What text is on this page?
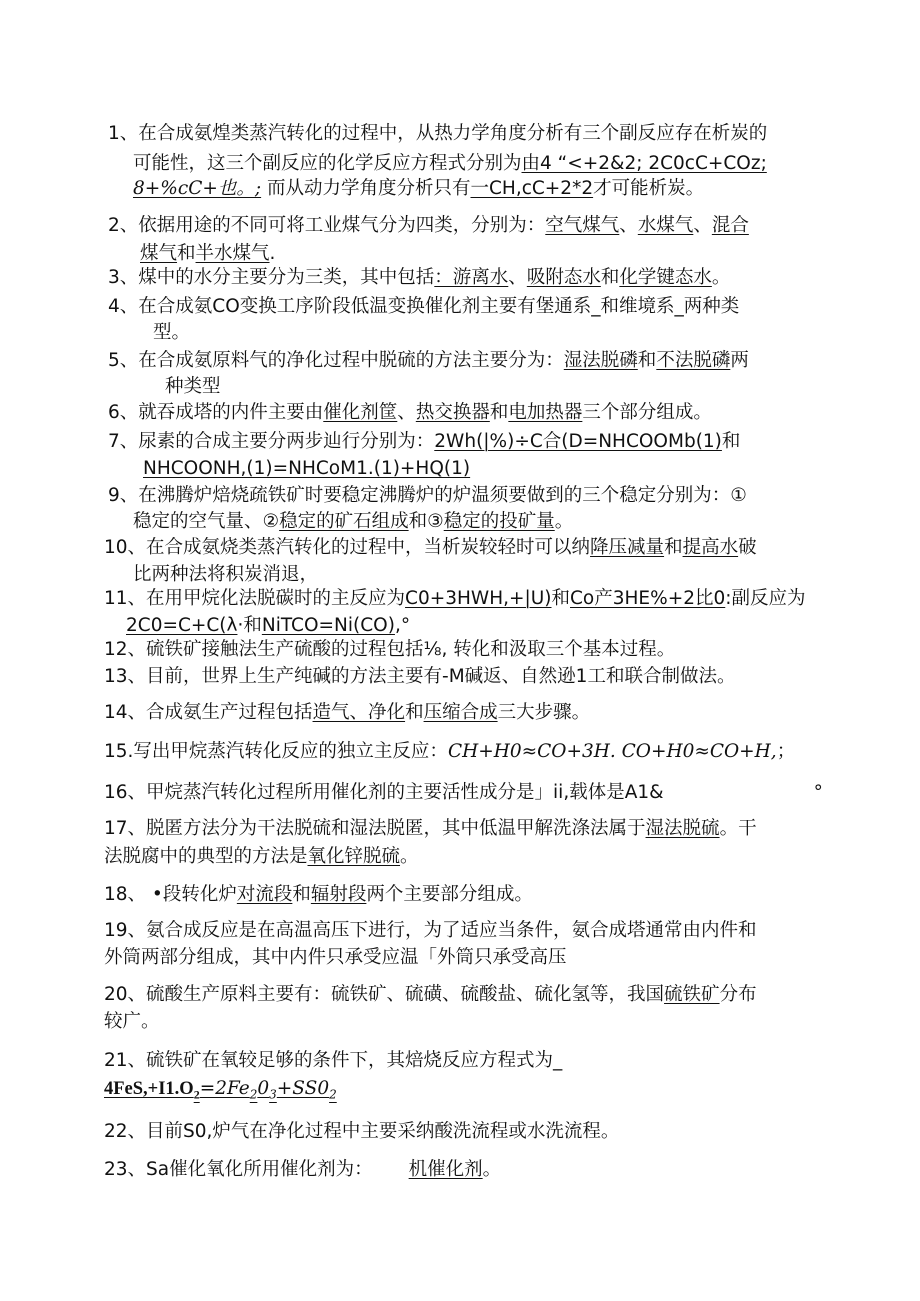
1、在合成氨煌类蒸汽转化的过程中，从热力学角度分析有三个副反应存在析炭的
可能性，这三个副反应的化学反应方程式分别为由4 “<+2&2; 2C0cC+COz;
8+%cC+也。; 而从动力学角度分析只有一CH,cC+2*2才可能析炭。
2、依据用途的不同可将工业煤气分为四类，分别为：空气煤气、水煤气、混合
煤气和半水煤气.
3、煤中的水分主要分为三类，其中包括：游离水、吸附态水和化学键态水。
4、在合成氨CO变换工序阶段低温变换催化剂主要有堡通系_和维境系_两种类
型。
5、在合成氨原料气的净化过程中脱硫的方法主要分为：湿法脱磷和不法脱磷两
种类型
6、就吞成塔的内件主要由催化剂筐、热交换器和电加热器三个部分组成。
7、尿素的合成主要分两步辿行分别为：2Wh(|%)÷C合(D=NHCOOMb(1)和
NHCOONH,(1)=NHCoM1.(1)+HQ(1)
9、在沸腾炉焙烧疏铁矿时要稳定沸腾炉的炉温须要做到的三个稳定分别为：①
稳定的空气量、②稳定的矿石组成和③稳定的投矿量。
10、在合成氨烧类蒸汽转化的过程中，当析炭较轻时可以纳降压减量和提高水破
比两种法将积炭消退，
11、在用甲烷化法脱碳时的主反应为C0+3HWH,+|U)和Co产3HE%+2比0:副反应为
2C0=C+C(λ·和NiTCO=Ni(CO),°
12、硫铁矿接触法生产硫酸的过程包括⅛, 转化和汲取三个基本过程。
13、目前，世界上生产纯碱的方法主要有-M碱返、自然逊1工和联合制做法。
14、合成氨生产过程包括造气、净化和压缩合成三大步骤。
15.写出甲烷蒸汽转化反应的独立主反应：CH+H0≈CO+3H. CO+H0≈CO+H,；
16、甲烷蒸汽转化过程所用催化剂的主要活性成分是」ii,载体是A1&	°
17、脱匿方法分为干法脱硫和湿法脱匿，其中低温甲解洗涤法属于湿法脱硫。干
法脱腐中的典型的方法是氧化锌脱硫。
18、 •段转化炉对流段和辐射段两个主要部分组成。
19、氨合成反应是在高温高压下进行，为了适应当条件，氨合成塔通常由内件和
外筒两部分组成，其中内件只承受应温「外筒只承受高压
20、硫酸生产原料主要有：硫铁矿、硫磺、硫酸盐、硫化氢等，我国硫铁矿分布
较广。
21、硫铁矿在氧较足够的条件下，其焙烧反应方程式为_
$4FeS,+I1.O_2=2Fe_20_3+SS0_2$
22、目前S0,炉气在净化过程中主要采纳酸洗流程或水洗流程。
23、Sa催化氧化所用催化剂为： 机催化剂。
